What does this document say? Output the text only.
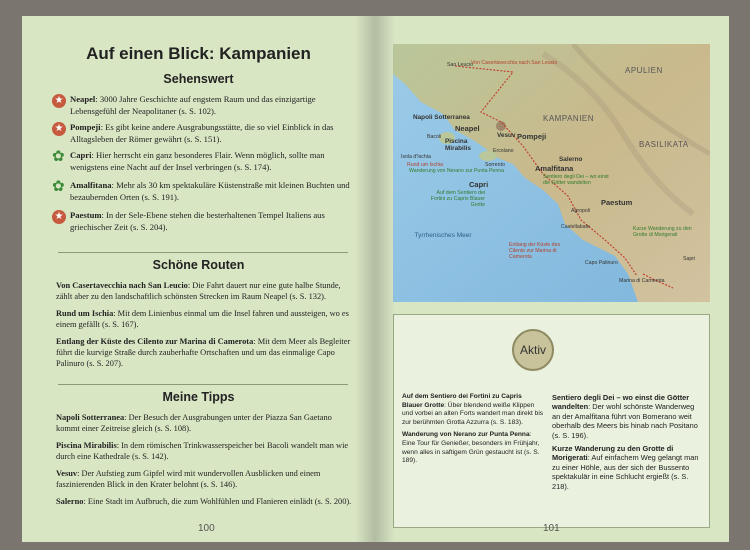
Auf einen Blick: Kampanien
Sehenswert
★ Neapel: 3000 Jahre Geschichte auf engstem Raum und das einzigartige Lebensgefühl der Neapolitaner (s. S. 102).
★ Pompeji: Es gibt keine andere Ausgrabungsstätte, die so viel Einblick in das Alltagsleben der Römer gewährt (s. S. 151).
✿ Capri: Hier herrscht ein ganz besonderes Flair. Wenn möglich, sollte man wenigstens eine Nacht auf der Insel verbringen (s. S. 174).
✿ Amalfitana: Mehr als 30 km spektakuläre Küstenstraße mit kleinen Buchten und bezaubernden Orten (s. S. 191).
★ Paestum: In der Sele-Ebene stehen die besterhaltenen Tempel Italiens aus griechischer Zeit (s. S. 204).
Schöne Routen
Von Casertavecchia nach San Leucio: Die Fahrt dauert nur eine gute halbe Stunde, zählt aber zu den landschaftlich schönsten Strecken im Raum Neapel (s. S. 132).
Rund um Ischia: Mit dem Linienbus einmal um die Insel fahren und aussteigen, wo es einem gefällt (s. S. 167).
Entlang der Küste des Cilento zur Marina di Camerota: Mit dem Meer als Begleiter führt die kurvige Straße durch zauberhafte Ortschaften und um das einmalige Capo Palinuro (s. S. 207).
Meine Tipps
Napoli Sotterranea: Der Besuch der Ausgrabungen unter der Piazza San Gaetano kommt einer Zeitreise gleich (s. S. 108).
Piscina Mirabilis: In dem römischen Trinkwasserspeicher bei Bacoli wandelt man wie durch eine Kathedrale (s. S. 142).
Vesuv: Der Aufstieg zum Gipfel wird mit wundervollen Ausblicken und einem faszinierenden Blick in den Krater belohnt (s. S. 146).
Salerno: Eine Stadt im Aufbruch, die zum Wohlfühlen und Flanieren einlädt (s. S. 200).
100
APULIEN
KAMPANIEN
BASILIKATA
Tyrrhenisches Meer
San Leucio
Von Casertavecchia nach San Leucio
Napoli Sotterranea
Neapel
Bacoli
Piscina Mirabilis
Vesuv Pompeji
Ercolano
Isola d'Ischia
Rund um Ischia
Salerno
Amalfitana
Sorrento
Sentiero degli Dei – wo einst die Götter wandelten
Wanderung von Nerano zur Punta Penna
Capri
Auf dem Sentiero dei Fortini zu Capris Blauer Grotte	Paestum
Agropoli
Castellabate
Entlang der Küste des Cilento zur Marina di Camerota
Kurze Wanderung zu den Grotte di Morigerati
Capo Palinuro
Marina di Camerota
Sapri
Aktiv
Auf dem Sentiero dei Fortini zu Capris Blauer Grotte: Über blendend weiße Klippen und vorbei an alten Forts wandert man direkt bis zur berühmten Grotta Azzurra (s. S. 183).
Wanderung von Nerano zur Punta Penna: Eine Tour für Genießer, besonders im Frühjahr, wenn alles in saftigem Grün gestaucht ist (s. S. 189).
Sentiero degli Dei – wo einst die Götter wandelten: Der wohl schönste Wanderweg an der Amalfitana führt von Bomerano weit oberhalb des Meers bis hinab nach Positano (s. S. 196).
Kurze Wanderung zu den Grotte di Morigerati: Auf einfachem Weg gelangt man zu einer Höhle, aus der sich der Bussento spektakulär in eine Schlucht ergießt (s. S. 218).
101
